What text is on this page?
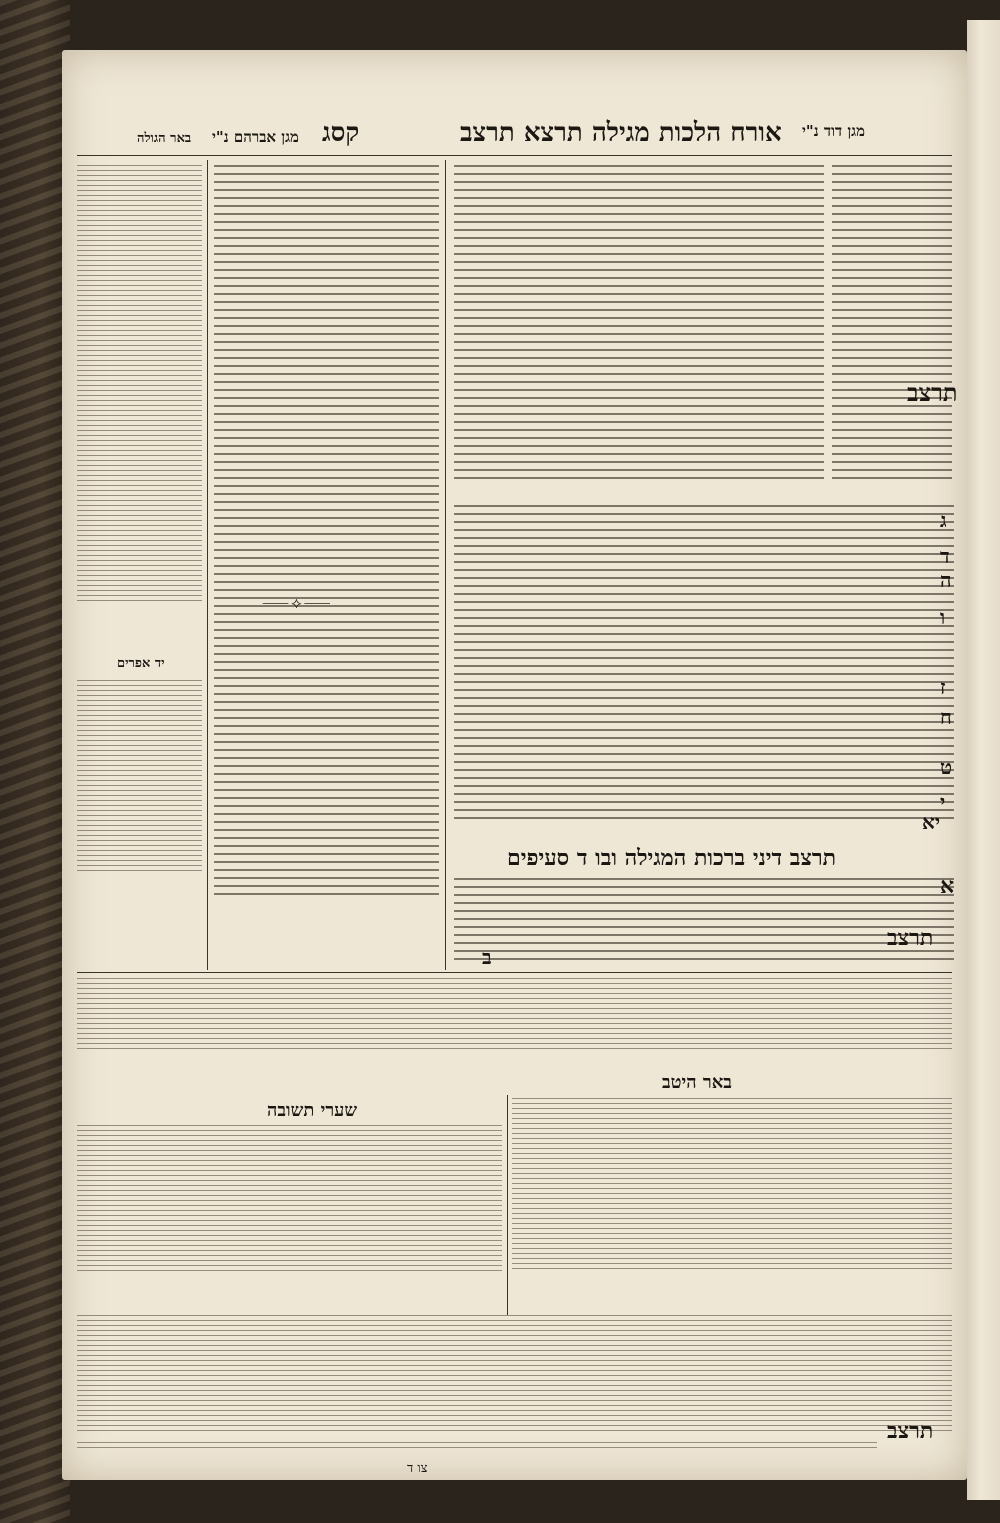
מגן דוד נ"י
אורח הלכות מגילה תרצא תרצב
קסג
מגן אברהם נ"י
באר הגולה
יד אפרים
⸺⟡⸺
תרצב
ג
ד
ה
ו
ז
ח
ט
י
יא
תרצב דיני ברכות המגילה ובו ד סעיפים
א
תרצב
ב
באר היטב
שערי תשובה
תרצב
צו ד
